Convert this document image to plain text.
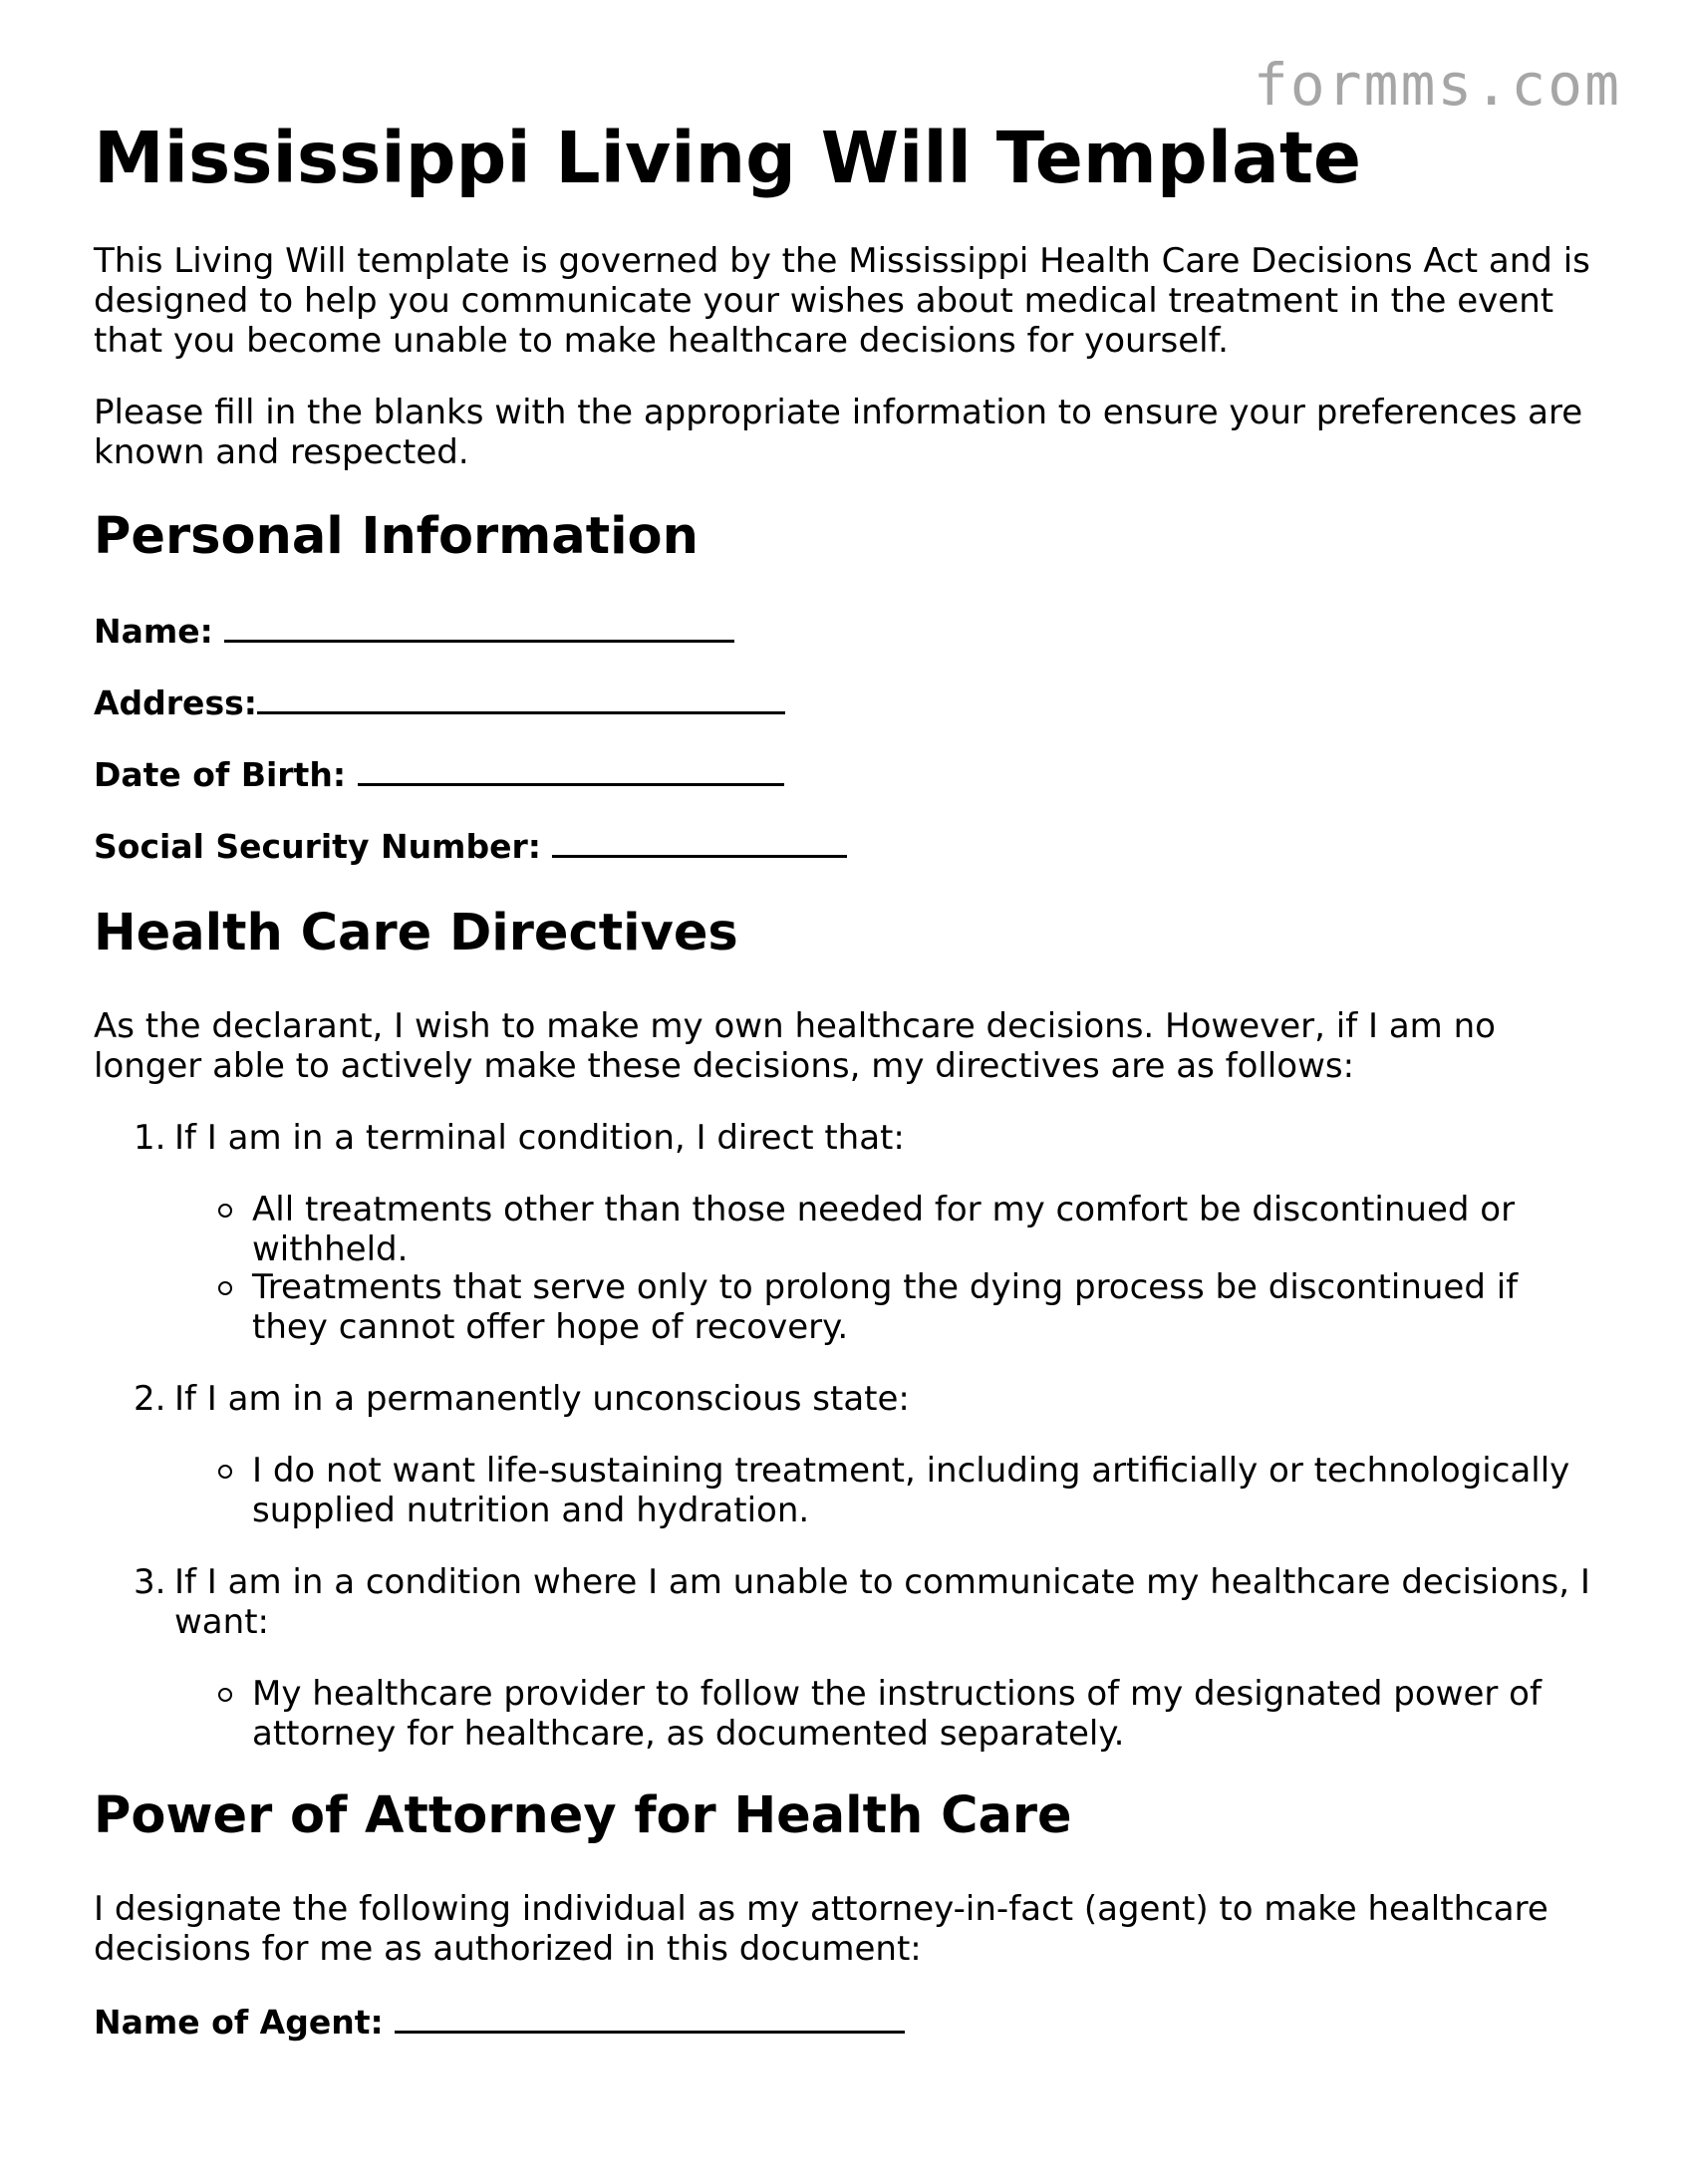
formms.com
Mississippi Living Will Template

This Living Will template is governed by the Mississippi Health Care Decisions Act and is designed to help you communicate your wishes about medical treatment in the event that you become unable to make healthcare decisions for yourself.

Please fill in the blanks with the appropriate information to ensure your preferences are known and respected.

Personal Information
Name:
Address:
Date of Birth:
Social Security Number:
Health Care Directives

As the declarant, I wish to make my own healthcare decisions. However, if I am no longer able to actively make these decisions, my directives are as follows:

1. If I am in a terminal condition, I direct that:
2. If I am in a permanently unconscious state:
3. If I am in a condition where I am unable to communicate my healthcare decisions, I want:
All treatments other than those needed for my comfort be discontinued or withheld.
Treatments that serve only to prolong the dying process be discontinued if they cannot offer hope of recovery.
I do not want life-sustaining treatment, including artificially or technologically supplied nutrition and hydration.
My healthcare provider to follow the instructions of my designated power of attorney for healthcare, as documented separately.
Power of Attorney for Health Care

I designate the following individual as my attorney-in-fact (agent) to make healthcare decisions for me as authorized in this document:

Name of Agent:
